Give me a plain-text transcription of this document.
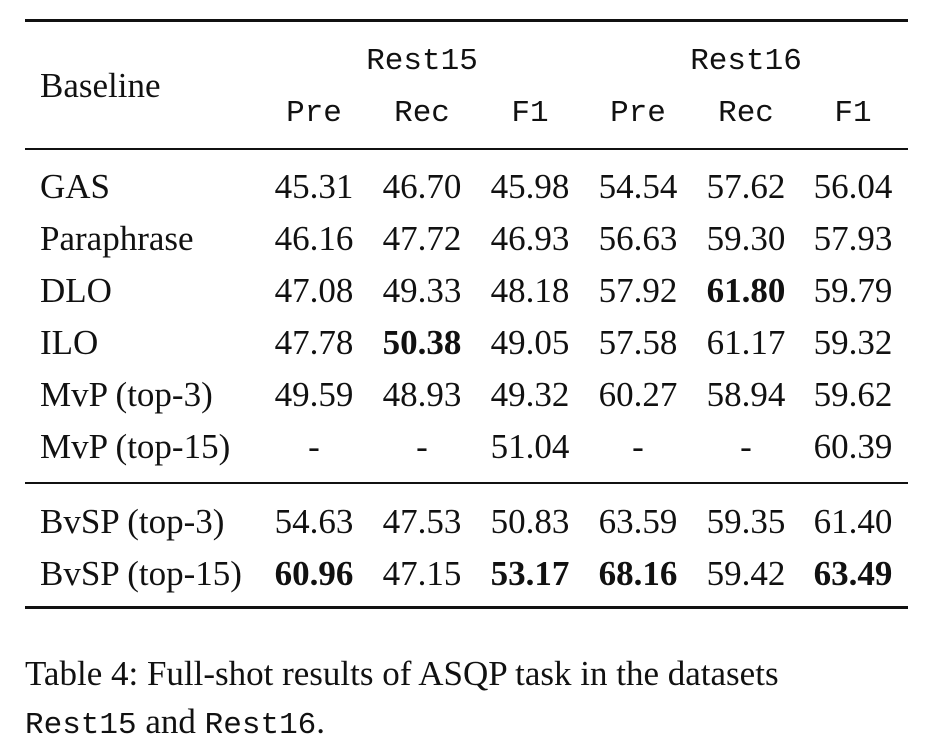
Baseline
Rest15	Rest16
Pre Rec F1 Pre Rec F1
GAS	45.31 46.70 45.98 54.54 57.62 56.04
Paraphrase 46.16 47.72 46.93 56.63 59.30 57.93
DLO	47.08 49.33 48.18 57.92 61.80 59.79
ILO	47.78 50.38 49.05 57.58 61.17 59.32
MvP (top-3) 49.59 48.93 49.32 60.27 58.94 59.62
MvP (top-15) -	- 51.04 -	- 60.39
BvSP (top-3) 54.63 47.53 50.83 63.59 59.35 61.40
BvSP (top-15) 60.96 47.15 53.17 68.16 59.42 63.49
Table 4: Full-shot results of ASQP task in the datasets
Rest15 and Rest16.
